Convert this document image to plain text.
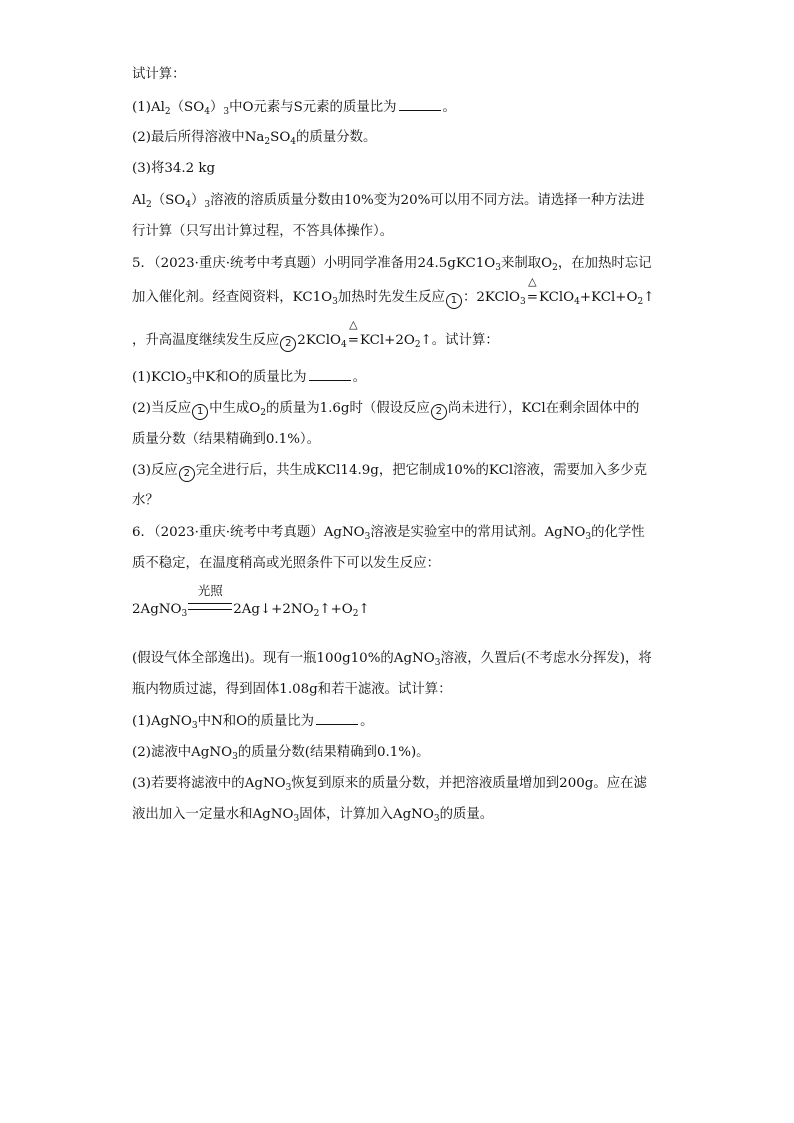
试计算：
$(1)Al_2(SO_4)_3$中O元素与S元素的质量比为	。
(2)最后所得溶液中$Na_2SO_4$的质量分数。
(3)将34.2 kg
$Al_2(SO_4)_3$溶液的溶质质量分数由10%变为20%可以用不同方法。请选择一种方法进
行计算（只写出计算过程，不答具体操作）。
5．（2023·重庆·统考中考真题）小明同学准备用$24.5gKC1O_3$来制取$O_2$，在加热时忘记
加入催化剂。经查阅资料，$KC1O_3$加热时先发生反应 1 ：2KClO$_3$
△
$=KClO_4+KCl+O_2↑$
，升高温度继续发生反应 2 2KClO$_4$
△
$=KCl+2O_2↑$。试计算：
(1)KClO$_3$中K和O的质量比为	。
(2)当反应 1 中生成$O_2$的质量为1.6g时（假设反应 2 尚未进行），KCl在剩余固体中的
质量分数（结果精确到0.1%）。
(3)反应 2 完全进行后，共生成KCl14.9g，把它制成10%的KCl溶液，需要加入多少克
水？
6．（2023·重庆·统考中考真题）AgNO$_3$溶液是实验室中的常用试剂。AgNO$_3$的化学性
质不稳定，在温度稍高或光照条件下可以发生反应：
2AgNO$_3$
光照
$2Ag↓+2NO_2↑+O_2↑$
(假设气体全部逸出)。现有一瓶100g10%的AgNO$_3$溶液，久置后(不考虑水分挥发)，将
瓶内物质过滤，得到固体1.08g和若干滤液。试计算：
(1)AgNO$_3$中N和O的质量比为	。
(2)滤液中AgNO$_3$的质量分数(结果精确到0.1%)。
(3)若要将滤液中的AgNO$_3$恢复到原来的质量分数，并把溶液质量增加到200g。应在滤
液出加入一定量水和AgNO$_3$固体，计算加入AgNO$_3$的质量。
